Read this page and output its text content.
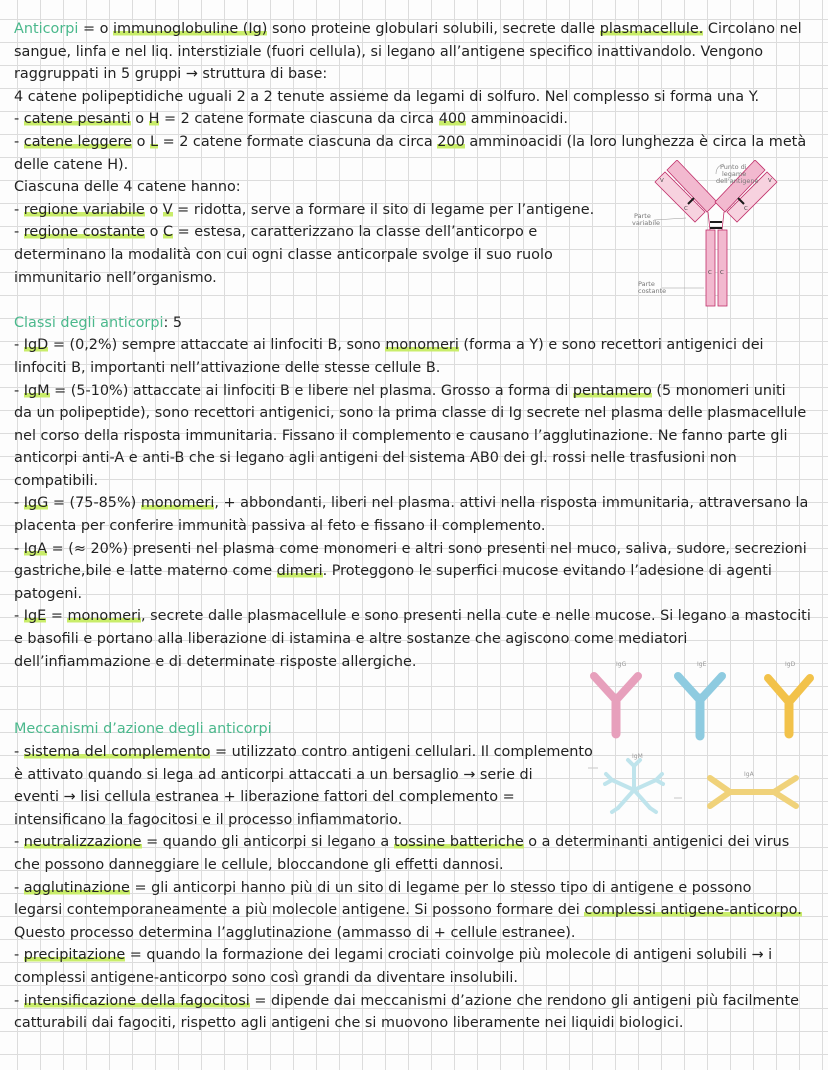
Anticorpi = o immunoglobuline (Ig) sono proteine globulari solubili, secrete dalle plasmacellule. Circolano nel
sangue, linfa e nel liq. interstiziale (fuori cellula), si legano all’antigene specifico inattivandolo. Vengono
raggruppati in 5 gruppi → struttura di base:
4 catene polipeptidiche uguali 2 a 2 tenute assieme da legami di solfuro. Nel complesso si forma una Y.
- catene pesanti o H = 2 catene formate ciascuna da circa 400 amminoacidi.
- catene leggere o L = 2 catene formate ciascuna da circa 200 amminoacidi (la loro lunghezza è circa la metà
delle catene H).
Ciascuna delle 4 catene hanno:
- regione variabile o V = ridotta, serve a formare il sito di legame per l’antigene.
- regione costante o C = estesa, caratterizzano la classe dell’anticorpo e
determinano la modalità con cui ogni classe anticorpale svolge il suo ruolo
immunitario nell’organismo.
Classi degli anticorpi: 5
- IgD = (0,2%) sempre attaccate ai linfociti B, sono monomeri (forma a Y) e sono recettori antigenici dei
linfociti B, importanti nell’attivazione delle stesse cellule B.
- IgM = (5-10%) attaccate ai linfociti B e libere nel plasma. Grosso a forma di pentamero (5 monomeri uniti
da un polipeptide), sono recettori antigenici, sono la prima classe di Ig secrete nel plasma delle plasmacellule
nel corso della risposta immunitaria. Fissano il complemento e causano l’agglutinazione. Ne fanno parte gli
anticorpi anti-A e anti-B che si legano agli antigeni del sistema AB0 dei gl. rossi nelle trasfusioni non
compatibili.
- IgG = (75-85%) monomeri, + abbondanti, liberi nel plasma. attivi nella risposta immunitaria, attraversano la
placenta per conferire immunità passiva al feto e fissano il complemento.
- IgA = (≈ 20%) presenti nel plasma come monomeri e altri sono presenti nel muco, saliva, sudore, secrezioni
gastriche,bile e latte materno come dimeri. Proteggono le superfici mucose evitando l’adesione di agenti
patogeni.
- IgE = monomeri, secrete dalle plasmacellule e sono presenti nella cute e nelle mucose. Si legano a mastociti
e basofili e portano alla liberazione di istamina e altre sostanze che agiscono come mediatori
dell’infiammazione e di determinate risposte allergiche.
Meccanismi d’azione degli anticorpi
- sistema del complemento = utilizzato contro antigeni cellulari. Il complemento
è attivato quando si lega ad anticorpi attaccati a un bersaglio → serie di
eventi → lisi cellula estranea + liberazione fattori del complemento =
intensificano la fagocitosi e il processo infiammatorio.
- neutralizzazione = quando gli anticorpi si legano a tossine batteriche o a determinanti antigenici dei virus
che possono danneggiare le cellule, bloccandone gli effetti dannosi.
- agglutinazione = gli anticorpi hanno più di un sito di legame per lo stesso tipo di antigene e possono
legarsi contemporaneamente a più molecole antigene. Si possono formare dei complessi antigene-anticorpo.
Questo processo determina l’agglutinazione (ammasso di + cellule estranee).
- precipitazione = quando la formazione dei legami crociati coinvolge più molecole di antigeni solubili → i
complessi antigene-anticorpo sono così grandi da diventare insolubili.
- intensificazione della fagocitosi = dipende dai meccanismi d’azione che rendono gli antigeni più facilmente
catturabili dai fagociti, rispetto agli antigeni che si muovono liberamente nei liquidi biologici.
V	V
C	C
C C
Punto di legame dell’antigene
Parte variabile
Parte costante
IgG	IgE	IgD
IgM
IgA
